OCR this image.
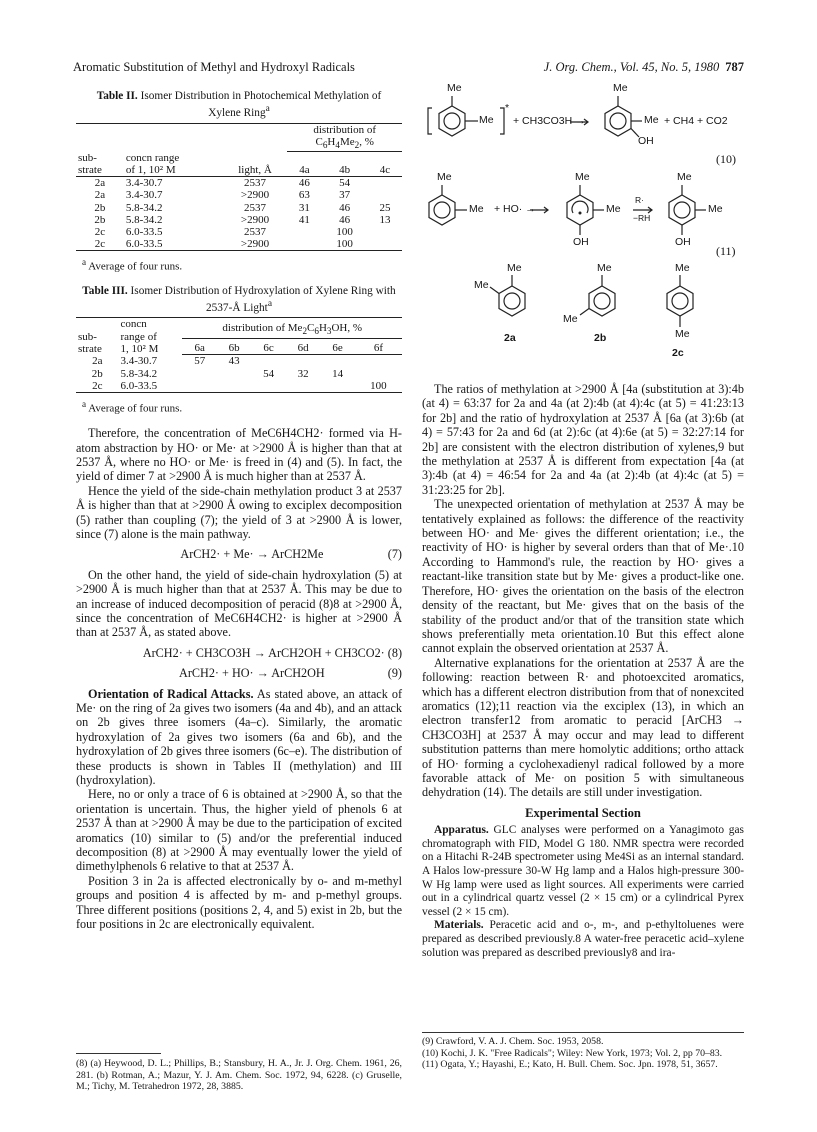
Aromatic Substitution of Methyl and Hydroxyl Radicals	J. Org. Chem., Vol. 45, No. 5, 1980 787
Table II. Isomer Distribution in Photochemical Methylation of Xylene Ring$^a$
			distribution of
$C_6H_4Me_2$, %		
sub-
strate	concn range
of 1, 10² M	light, Å	4a	4b	4c
2a	3.4-30.7	2537	46	54	
2a	3.4-30.7	>2900	63	37	
2b	5.8-34.2	2537	31	46	25
2b	5.8-34.2	>2900	41	46	13
2c	6.0-33.5	2537		100	
2c	6.0-33.5	>2900		100	
$^a$ Average of four runs.
Table III. Isomer Distribution of Hydroxylation of Xylene Ring with 2537-Å Light$^a$
sub-
strate	concn
range of
1, 10² M	distribution of $Me_2C_6H_3OH$, %					
		6a	6b	6c	6d	6e	6f
2a	3.4-30.7	57	43				
2b	5.8-34.2			54	32	14	
2c	6.0-33.5						100
$^a$ Average of four runs.

Therefore, the concentration of MeC6H4CH2· formed via H-atom abstraction by HO· or Me· at >2900 Å is higher than that at 2537 Å, where no HO· or Me· is freed in (4) and (5). In fact, the yield of dimer 7 at >2900 Å is much higher than at 2537 Å.

Hence the yield of the side-chain methylation product 3 at 2537 Å is higher than that at >2900 Å owing to exciplex decomposition (5) rather than coupling (7); the yield of 3 at >2900 Å is lower, since (7) alone is the main pathway.

ArCH2· + Me· → ArCH2Me	(7)

On the other hand, the yield of side-chain hydroxylation (5) at >2900 Å is much higher than that at 2537 Å. This may be due to an increase of induced decomposition of peracid (8)8 at >2900 Å, since the concentration of MeC6H4CH2· is higher at >2900 Å than at 2537 Å, as stated above.

ArCH2· + CH3CO3H → ArCH2OH + CH3CO2· (8)
ArCH2· + HO· → ArCH2OH	(9)

Orientation of Radical Attacks. As stated above, an attack of Me· on the ring of 2a gives two isomers (4a and 4b), and an attack on 2b gives three isomers (4a–c). Similarly, the aromatic hydroxylation of 2a gives two isomers (6a and 6b), and the hydroxylation of 2b gives three isomers (6c–e). The distribution of these products is shown in Tables II (methylation) and III (hydroxylation).

Here, no or only a trace of 6 is obtained at >2900 Å, so that the orientation is uncertain. Thus, the higher yield of phenols 6 at 2537 Å than at >2900 Å may be due to the participation of excited aromatics (10) similar to (5) and/or the preferential induced decomposition (8) at >2900 Å may eventually lower the yield of dimethylphenols 6 relative to that at 2537 Å.

Position 3 in 2a is affected electronically by o- and m-methyl groups and position 4 is affected by m- and p-methyl groups. Three different positions (positions 2, 4, and 5) exist in 2b, but the four positions in 2c are electronically equivalent.

(8) (a) Heywood, D. L.; Phillips, B.; Stansbury, H. A., Jr. J. Org. Chem. 1961, 26, 281. (b) Rotman, A.; Mazur, Y. J. Am. Chem. Soc. 1972, 94, 6228. (c) Gruselle, M.; Tichy, M. Tetrahedron 1972, 28, 3885.
Me
Me
*
+ CH3CO3H →
Me
Me
OH
+ CH4 + CO2
(10)
Me
Me + HO· →
Me
Me
OH
R·
−RH
Me
Me
OH
(11)
Me
Me
2a
Me
Me
2b
Me
Me
2c

The ratios of methylation at >2900 Å [4a (substitution at 3):4b (at 4) = 63:37 for 2a and 4a (at 2):4b (at 4):4c (at 5) = 41:23:13 for 2b] and the ratio of hydroxylation at 2537 Å [6a (at 3):6b (at 4) = 57:43 for 2a and 6d (at 2):6c (at 4):6e (at 5) = 32:27:14 for 2b] are consistent with the electron distribution of xylenes,9 but the methylation at 2537 Å is different from expectation [4a (at 3):4b (at 4) = 46:54 for 2a and 4a (at 2):4b (at 4):4c (at 5) = 31:23:25 for 2b].

The unexpected orientation of methylation at 2537 Å may be tentatively explained as follows: the difference of the reactivity between HO· and Me· gives the different orientation; i.e., the reactivity of HO· is higher by several orders than that of Me·.10 According to Hammond's rule, the reaction by HO· gives a reactant-like transition state but by Me· gives a product-like one. Therefore, HO· gives the orientation on the basis of the electron density of the reactant, but Me· gives that on the basis of the stability of the product and/or that of the transition state which shows preferentially meta orientation.10 But this effect alone cannot explain the observed orientation at 2537 Å.

Alternative explanations for the orientation at 2537 Å are the following: reaction between R· and photoexcited aromatics, which has a different electron distribution from that of nonexcited aromatics (12);11 reaction via the exciplex (13), in which an electron transfer12 from aromatic to peracid [ArCH3 → CH3CO3H] at 2537 Å may occur and may lead to different substitution patterns than mere homolytic additions; ortho attack of HO· forming a cyclohexadienyl radical followed by a more favorable attack of Me· on position 5 with simultaneous dehydration (14). The details are still under investigation.

Experimental Section

Apparatus. GLC analyses were performed on a Yanagimoto gas chromatograph with FID, Model G 180. NMR spectra were recorded on a Hitachi R-24B spectrometer using Me4Si as an internal standard. A Halos low-pressure 30-W Hg lamp and a Halos high-pressure 300-W Hg lamp were used as light sources. All experiments were carried out in a cylindrical quartz vessel (2 × 15 cm) or a cylindrical Pyrex vessel (2 × 15 cm).

Materials. Peracetic acid and o-, m-, and p-ethyltoluenes were prepared as described previously.8 A water-free peracetic acid–xylene solution was prepared as described previously8 and ira-

(9) Crawford, V. A. J. Chem. Soc. 1953, 2058.
(10) Kochi, J. K. "Free Radicals"; Wiley: New York, 1973; Vol. 2, pp 70–83.
(11) Ogata, Y.; Hayashi, E.; Kato, H. Bull. Chem. Soc. Jpn. 1978, 51, 3657.
